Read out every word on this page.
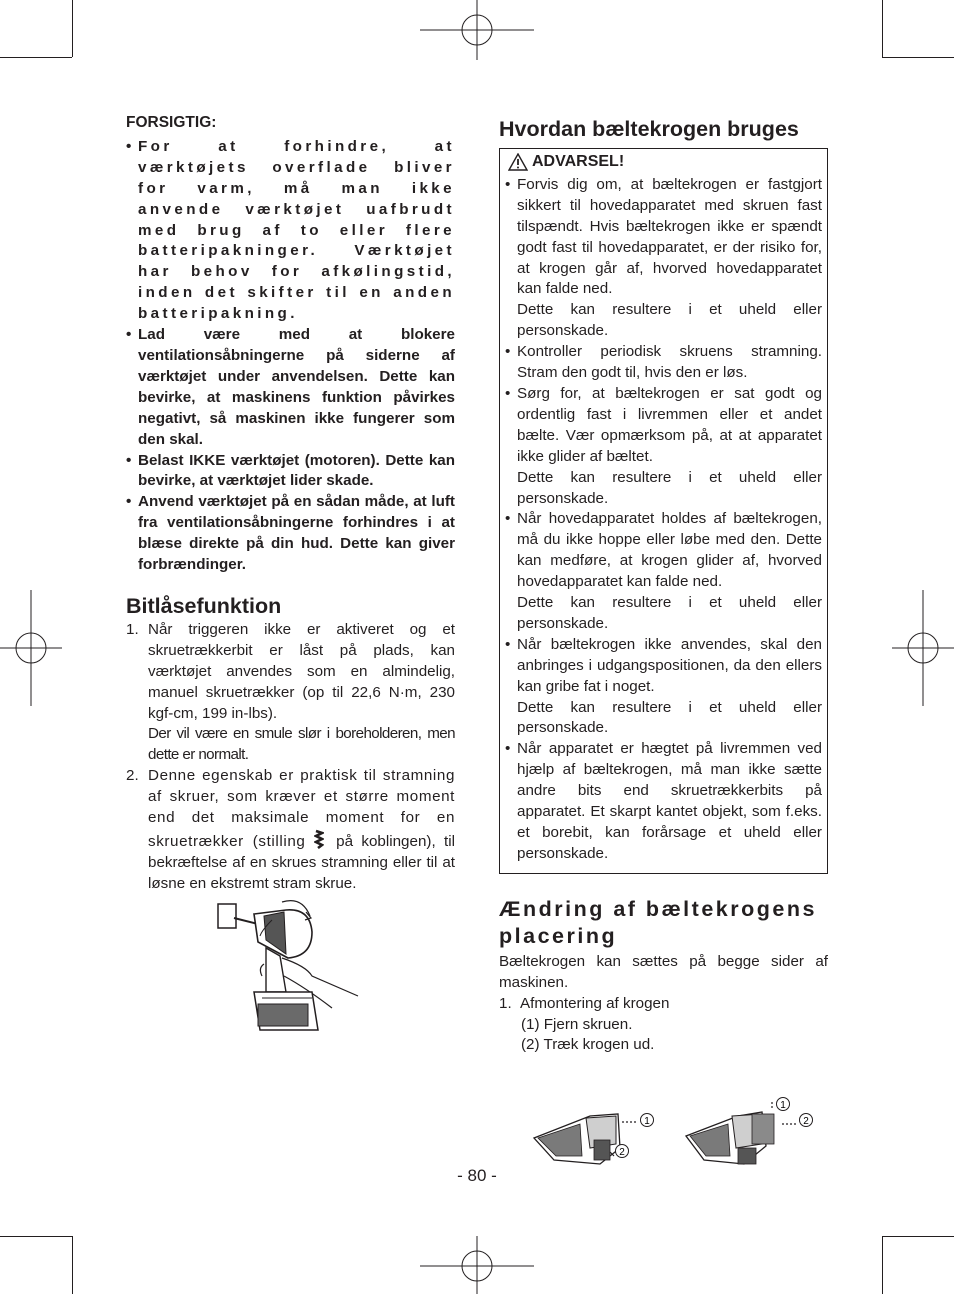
FORSIGTIG:
• For at forhindre, at værktøjets overflade bliver for varm, må man ikke anvende værktøjet uafbrudt med brug af to eller flere batteripakninger. Værktøjet har behov for afkølingstid, inden det skifter til en anden batteripakning.
• Lad være med at blokere ventilationsåbningerne på siderne af værktøjet under anvendelsen. Dette kan bevirke, at maskinens funktion påvirkes negativt, så maskinen ikke fungerer som den skal.
• Belast IKKE værktøjet (motoren). Dette kan bevirke, at værktøjet lider skade.
• Anvend værktøjet på en sådan måde, at luft fra ventilationsåbningerne forhindres i at blæse direkte på din hud. Dette kan giver forbrændinger.
Bitlåsefunktion
1. Når triggeren ikke er aktiveret og et skruetrækkerbit er låst på plads, kan værktøjet anvendes som en almindelig, manuel skruetrækker (op til 22,6 N·m, 230 kgf-cm, 199 in-lbs).
Der vil være en smule slør i boreholderen, men dette er normalt.
2. Denne egenskab er praktisk til stramning af skruer, som kræver et større moment end det maksimale moment for en skruetrækker (stilling på koblingen), til bekræftelse af en skrues stramning eller til at løsne en ekstremt stram skrue.
Hvordan bæltekrogen bruges
ADVARSEL!
• Forvis dig om, at bæltekrogen er fastgjort sikkert til hovedapparatet med skruen fast tilspændt. Hvis bæltekrogen ikke er spændt godt fast til hovedapparatet, er der risiko for, at krogen går af, hvorved hovedapparatet kan falde ned.
Dette kan resultere i et uheld eller personskade.
• Kontroller periodisk skruens stramning. Stram den godt til, hvis den er løs.
• Sørg for, at bæltekrogen er sat godt og ordentlig fast i livremmen eller et andet bælte. Vær opmærksom på, at at apparatet ikke glider af bæltet.
Dette kan resultere i et uheld eller personskade.
• Når hovedapparatet holdes af bæltekrogen, må du ikke hoppe eller løbe med den. Dette kan medføre, at krogen glider af, hvorved hovedapparatet kan falde ned.
Dette kan resultere i et uheld eller personskade.
• Når bæltekrogen ikke anvendes, skal den anbringes i udgangspositionen, da den ellers kan gribe fat i noget.
Dette kan resultere i et uheld eller personskade.
• Når apparatet er hægtet på livremmen ved hjælp af bæltekrogen, må man ikke sætte andre bits end skruetrækkerbits på apparatet. Et skarpt kantet objekt, som f.eks. et borebit, kan forårsage et uheld eller personskade.
Ændring af bæltekrogens placering
Bæltekrogen kan sættes på begge sider af maskinen.
1. Afmontering af krogen
(1) Fjern skruen.
(2) Træk krogen ud.
1
2
1
2
- 80 -
